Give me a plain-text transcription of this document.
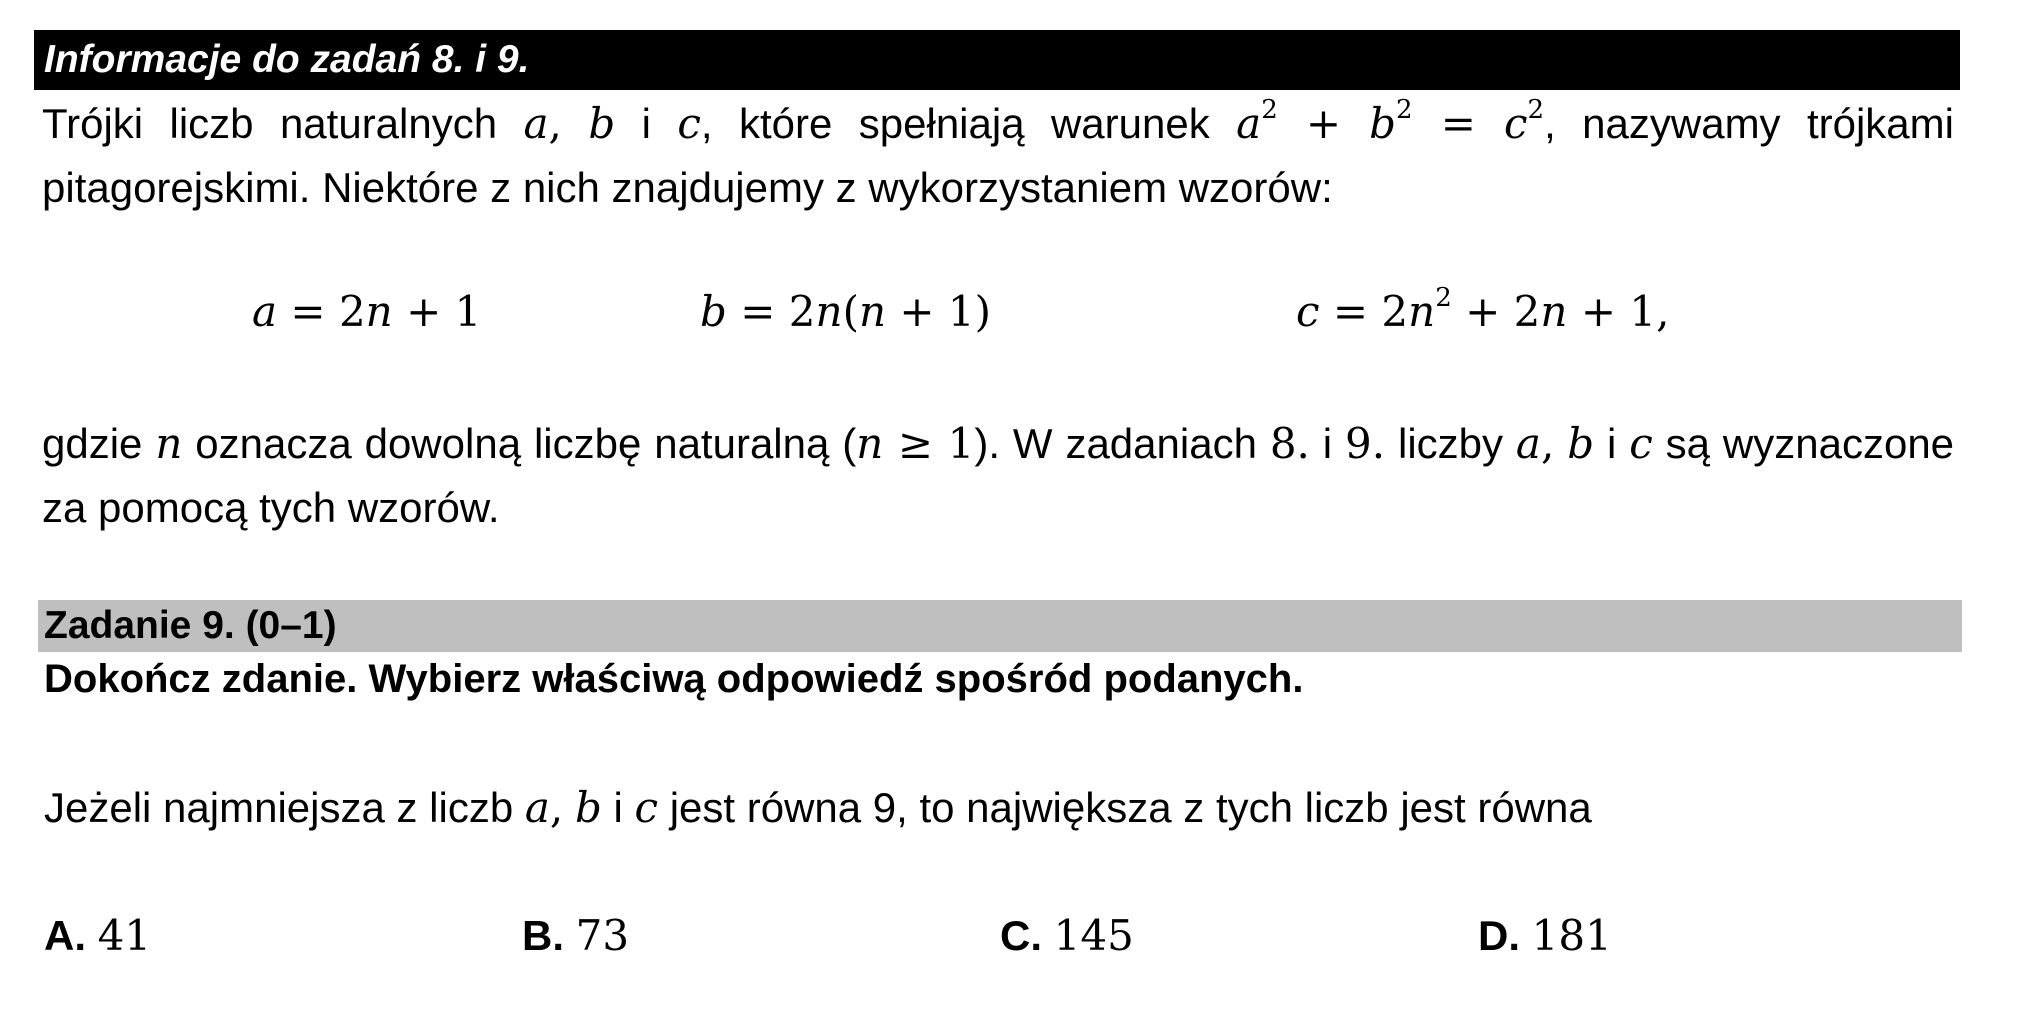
Informacje do zadań 8. i 9.

Trójki liczb naturalnych a, b i c, które spełniają warunek $a^2 + b^2 = c^2$, nazywamy trójkami pitagorejskimi. Niektóre z nich znajdujemy z wykorzystaniem wzorów:

a = 2n + 1	b = 2n(n + 1)	$c = 2n^2 + 2n + 1$,

gdzie n oznacza dowolną liczbę naturalną (n ≥ 1). W zadaniach 8. i 9. liczby a, b i c są wyznaczone za pomocą tych wzorów.

Zadanie 9. (0–1)
Dokończ zdanie. Wybierz właściwą odpowiedź spośród podanych.
Jeżeli najmniejsza z liczb a, b i c jest równa 9, to największa z tych liczb jest równa
A. 41	B. 73	C. 145	D. 181
